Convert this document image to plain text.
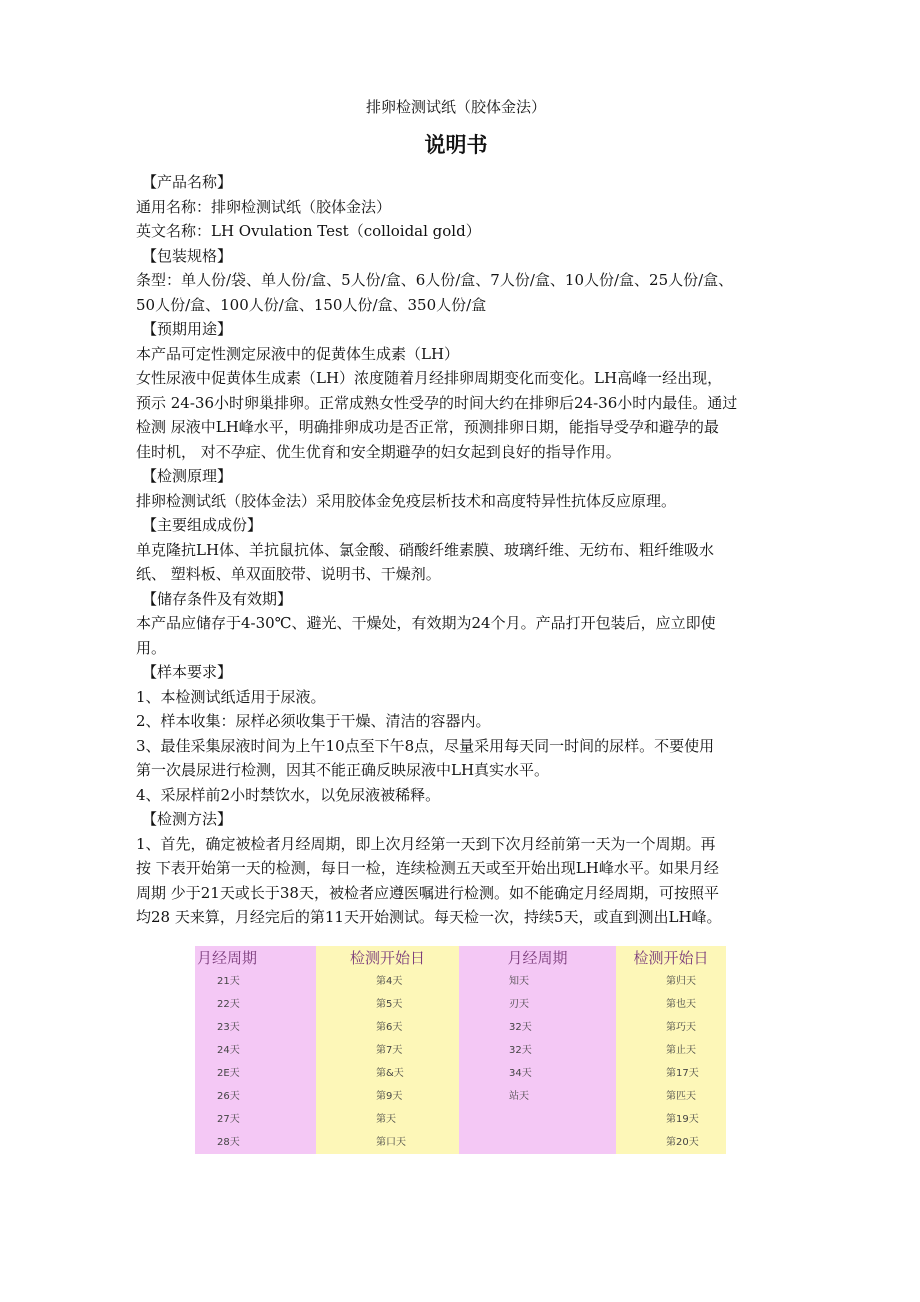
排卵检测试纸（胶体金法）
说明书
【产品名称】
通用名称：排卵检测试纸（胶体金法）
英文名称：LH Ovulation Test（colloidal gold）
【包装规格】
条型：单人份/袋、单人份/盒、5人份/盒、6人份/盒、7人份/盒、10人份/盒、25人份/盒、
50人份/盒、100人份/盒、150人份/盒、350人份/盒
【预期用途】
本产品可定性测定尿液中的促黄体生成素（LH）
女性尿液中促黄体生成素（LH）浓度随着月经排卵周期变化而变化。LH高峰一经出现，
预示 24-36小时卵巢排卵。正常成熟女性受孕的时间大约在排卵后24-36小时内最佳。通过
检测 尿液中LH峰水平，明确排卵成功是否正常，预测排卵日期，能指导受孕和避孕的最
佳时机， 对不孕症、优生优育和安全期避孕的妇女起到良好的指导作用。
【检测原理】
排卵检测试纸（胶体金法）采用胶体金免疫层析技术和高度特异性抗体反应原理。
【主要组成成份】
单克隆抗LH体、羊抗鼠抗体、氯金酸、硝酸纤维素膜、玻璃纤维、无纺布、粗纤维吸水
纸、 塑料板、单双面胶带、说明书、干燥剂。
【储存条件及有效期】
本产品应储存于4-30℃、避光、干燥处，有效期为24个月。产品打开包装后，应立即使
用。
【样本要求】
1、本检测试纸适用于尿液。
2、样本收集：尿样必须收集于干燥、清洁的容器内。
3、最佳采集尿液时间为上午10点至下午8点，尽量采用每天同一时间的尿样。不要使用
第一次晨尿进行检测，因其不能正确反映尿液中LH真实水平。
4、采尿样前2小时禁饮水，以免尿液被稀释。
【检测方法】
1、首先，确定被检者月经周期，即上次月经第一天到下次月经前第一天为一个周期。再
按 下表开始第一天的检测，每日一检，连续检测五天或至开始出现LH峰水平。如果月经
周期 少于21天或长于38天，被检者应遵医嘱进行检测。如不能确定月经周期，可按照平
均28 天来算，月经完后的第11天开始测试。每天检一次，持续5天，或直到测出LH峰。
月经周期
21天
22天
23天
24天
2E天
26天
27天
28天
检测开始日
第4天
第5天
第6天
第7天
第&天
第9天
第天
第口天
月经周期
知天
刃天
32天
32天
34天
站天
检测开始日
第归天
第也天
第巧天
第止天
第17天
第匹天
第19天
第20天
